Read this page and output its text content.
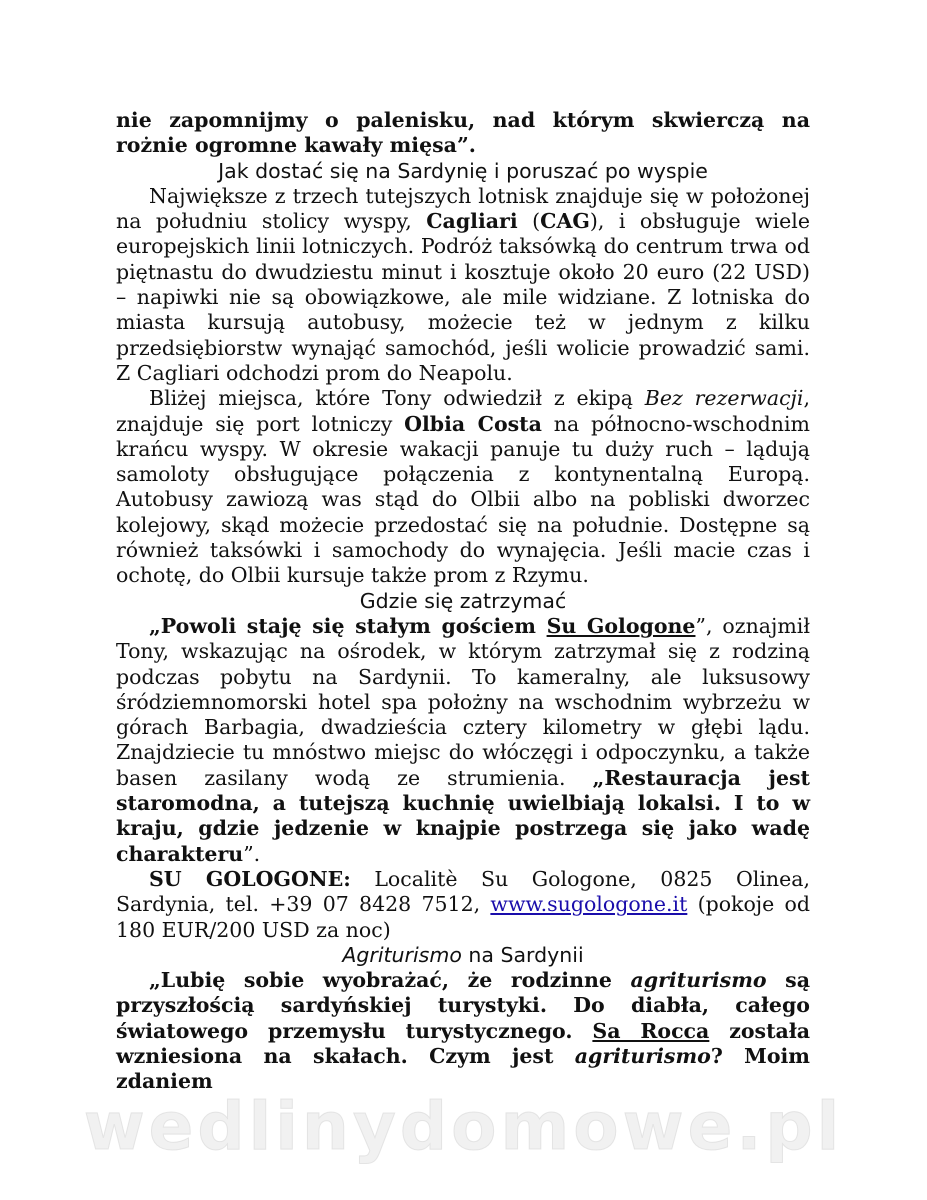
nie zapomnijmy o palenisku, nad którym skwierczą na rożnie ogromne kawały mięsa”.

Jak dostać się na Sardynię i poruszać po wyspie

Największe z trzech tutejszych lotnisk znajduje się w położonej na południu stolicy wyspy, Cagliari (CAG), i obsługuje wiele europejskich linii lotniczych. Podróż taksówką do centrum trwa od piętnastu do dwudziestu minut i kosztuje około 20 euro (22 USD) – napiwki nie są obowiązkowe, ale mile widziane. Z lotniska do miasta kursują autobusy, możecie też w jednym z kilku przedsiębiorstw wynająć samochód, jeśli wolicie prowadzić sami. Z Cagliari odchodzi prom do Neapolu.

Bliżej miejsca, które Tony odwiedził z ekipą Bez rezerwacji, znajduje się port lotniczy Olbia Costa na północno-wschodnim krańcu wyspy. W okresie wakacji panuje tu duży ruch – lądują samoloty obsługujące połączenia z kontynentalną Europą. Autobusy zawiozą was stąd do Olbii albo na pobliski dworzec kolejowy, skąd możecie przedostać się na południe. Dostępne są również taksówki i samochody do wynajęcia. Jeśli macie czas i ochotę, do Olbii kursuje także prom z Rzymu.

Gdzie się zatrzymać

„Powoli staję się stałym gościem Su Gologone”, oznajmił Tony, wskazując na ośrodek, w którym zatrzymał się z rodziną podczas pobytu na Sardynii. To kameralny, ale luksusowy śródziemnomorski hotel spa położny na wschodnim wybrzeżu w górach Barbagia, dwadzieścia cztery kilometry w głębi lądu. Znajdziecie tu mnóstwo miejsc do włóczęgi i odpoczynku, a także basen zasilany wodą ze strumienia. „Restauracja jest staromodna, a tutejszą kuchnię uwielbiają lokalsi. I to w kraju, gdzie jedzenie w knajpie postrzega się jako wadę charakteru”.

SU GOLOGONE: Localitè Su Gologone, 0825 Olinea, Sardynia, tel. +39 07 8428 7512, www.sugologone.it (pokoje od 180 EUR/200 USD za noc)

Agriturismo na Sardynii

„Lubię sobie wyobrażać, że rodzinne agriturismo są przyszłością sardyńskiej turystyki. Do diabła, całego światowego przemysłu turystycznego. Sa Rocca została wzniesiona na skałach. Czym jest agriturismo? Moim zdaniem

wedlinydomowe.pl
